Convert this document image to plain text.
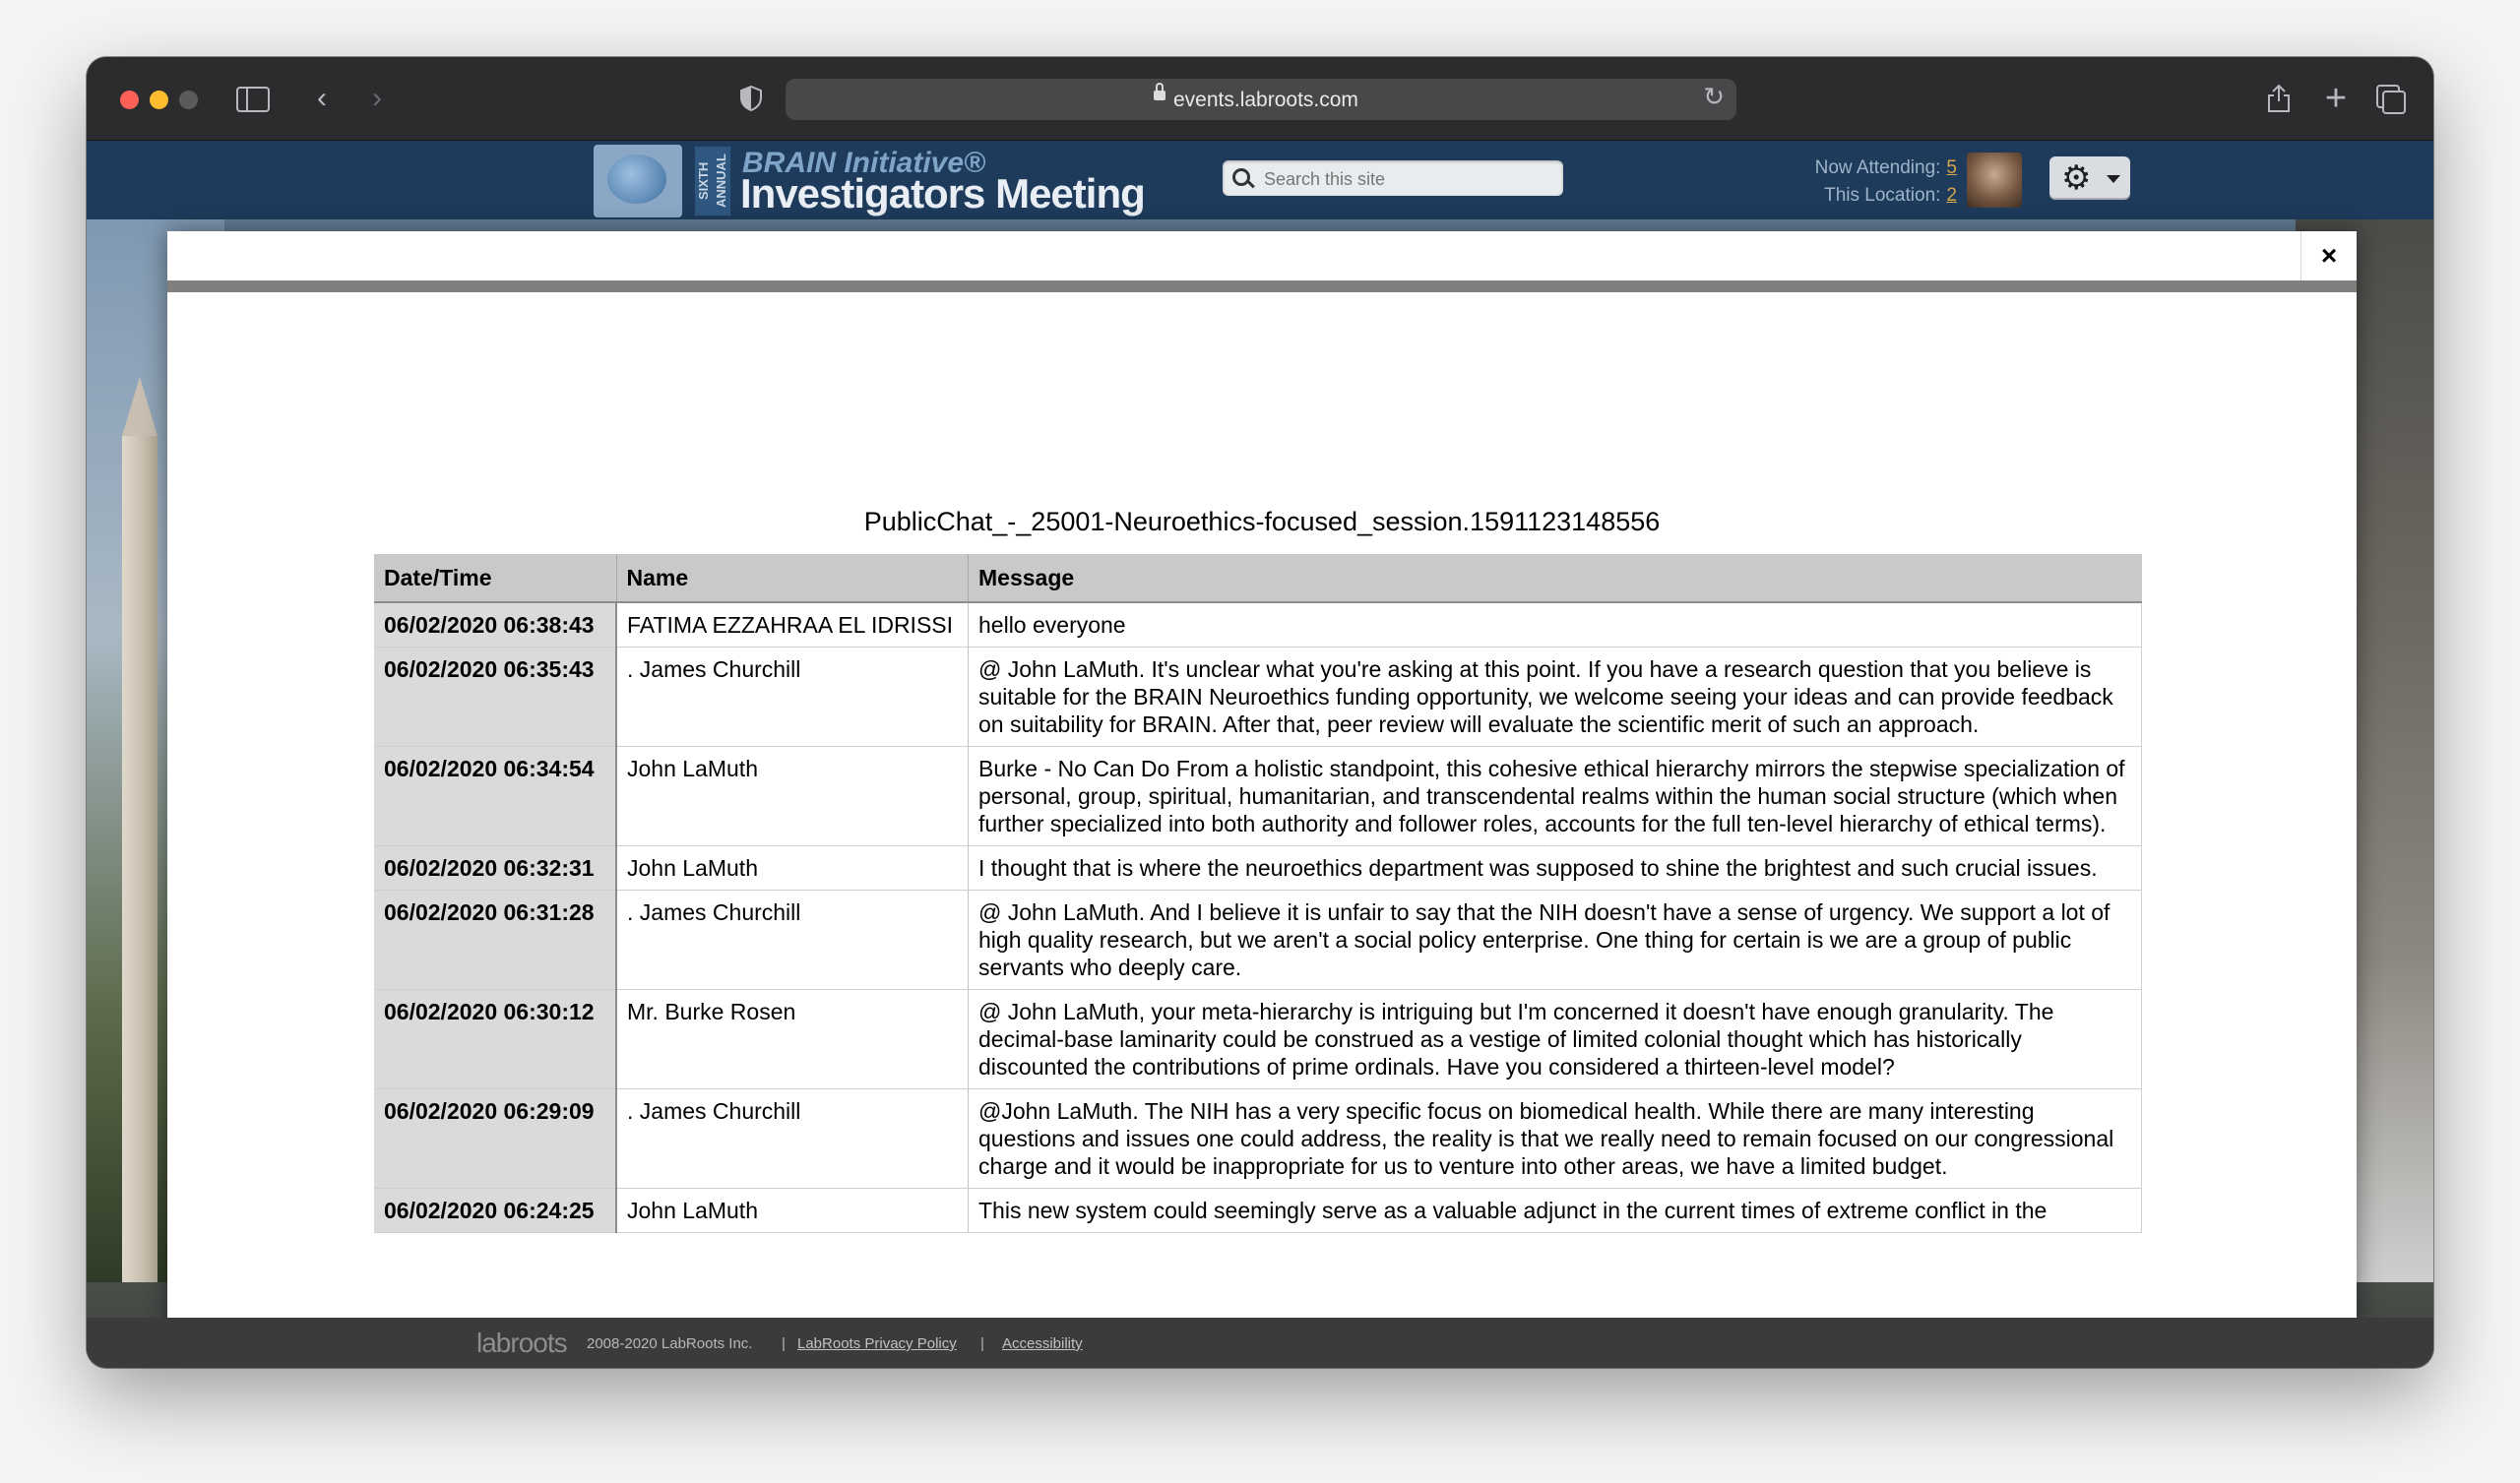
‹	›	events.labroots.com	↻	+
SIXTH ANNUAL BRAIN Initiative®
Investigators Meeting
Search this site
Now Attending: 5
This Location: 2	⚙
×
PublicChat_-_25001-Neuroethics-focused_session.1591123148556
Date/Time	Name	Message
06/02/2020 06:38:43	FATIMA EZZAHRAA EL IDRISSI	hello everyone
06/02/2020 06:35:43	. James Churchill	@ John LaMuth. It's unclear what you're asking at this point. If you have a research question that you believe is suitable for the BRAIN Neuroethics funding opportunity, we welcome seeing your ideas and can provide feedback on suitability for BRAIN. After that, peer review will evaluate the scientific merit of such an approach.
06/02/2020 06:34:54	John LaMuth	Burke - No Can Do From a holistic standpoint, this cohesive ethical hierarchy mirrors the stepwise specialization of personal, group, spiritual, humanitarian, and transcendental realms within the human social structure (which when further specialized into both authority and follower roles, accounts for the full ten-level hierarchy of ethical terms).
06/02/2020 06:32:31	John LaMuth	I thought that is where the neuroethics department was supposed to shine the brightest and such crucial issues.
06/02/2020 06:31:28	. James Churchill	@ John LaMuth. And I believe it is unfair to say that the NIH doesn't have a sense of urgency. We support a lot of high quality research, but we aren't a social policy enterprise. One thing for certain is we are a group of public servants who deeply care.
06/02/2020 06:30:12	Mr. Burke Rosen	@ John LaMuth, your meta-hierarchy is intriguing but I'm concerned it doesn't have enough granularity. The decimal-base laminarity could be construed as a vestige of limited colonial thought which has historically discounted the contributions of prime ordinals. Have you considered a thirteen-level model?
06/02/2020 06:29:09	. James Churchill	@John LaMuth. The NIH has a very specific focus on biomedical health. While there are many interesting questions and issues one could address, the reality is that we really need to remain focused on our congressional charge and it would be inappropriate for us to venture into other areas, we have a limited budget.
06/02/2020 06:24:25	John LaMuth	This new system could seemingly serve as a valuable adjunct in the current times of extreme conflict in the
labroots 2008-2020 LabRoots Inc. | LabRoots Privacy Policy | Accessibility
